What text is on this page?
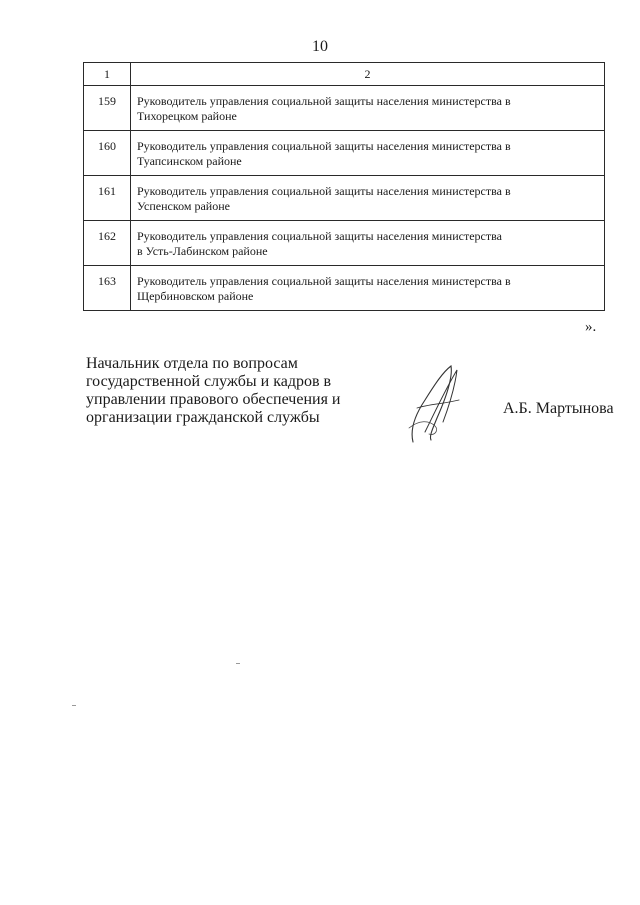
10
1	2
159	Руководитель управления социальной защиты населения министерства в
Тихорецком районе
160	Руководитель управления социальной защиты населения министерства в
Туапсинском районе
161	Руководитель управления социальной защиты населения министерства в
Успенском районе
162	Руководитель управления социальной защиты населения министерства
в Усть-Лабинском районе
163	Руководитель управления социальной защиты населения министерства в
Щербиновском районе
».
Начальник отдела по вопросам
государственной службы и кадров в
управлении правового обеспечения и
организации гражданской службы
А.Б. Мартынова
